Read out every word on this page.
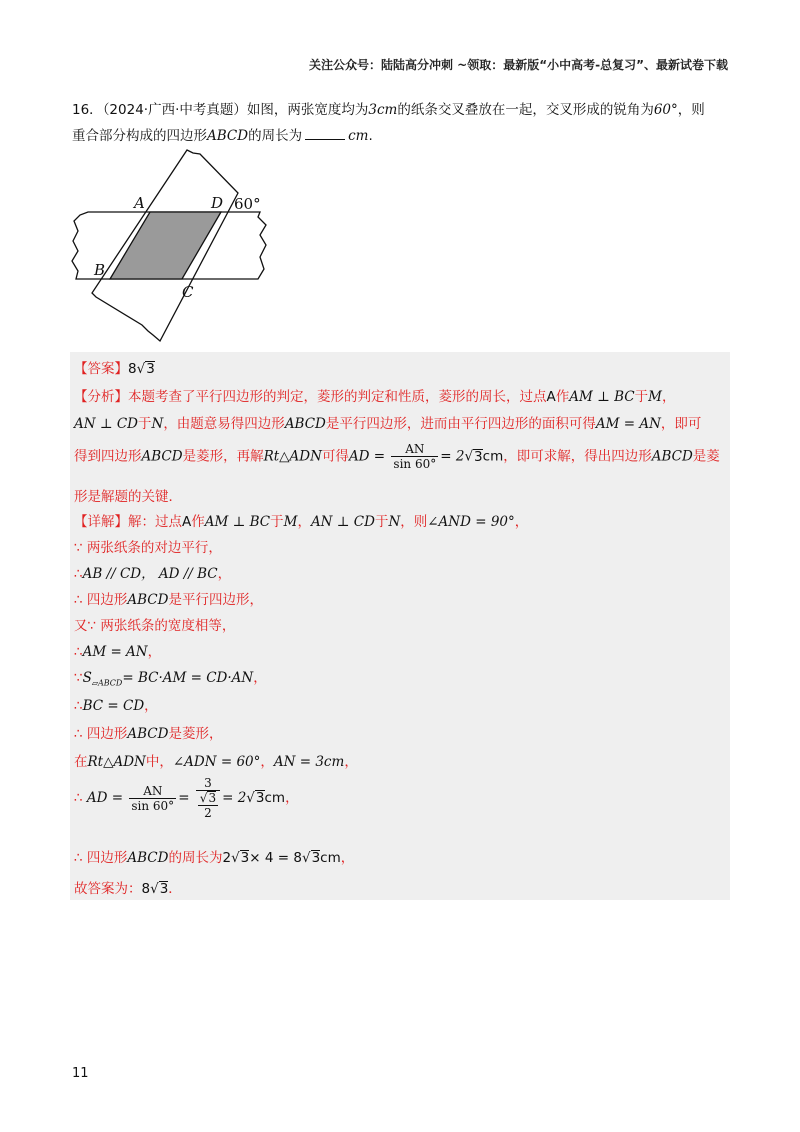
关注公众号：陆陆高分冲刺 ~领取：最新版“小中高考-总复习”、最新试卷下载
16．（2024·广西·中考真题）如图，两张宽度均为3cm的纸条交叉叠放在一起，交叉形成的锐角为60°，则
重合部分构成的四边形ABCD的周长为	cm.
A	D
B
C
60°
【答案】8√3
【分析】本题考查了平行四边形的判定，菱形的判定和性质，菱形的周长，过点A作AM ⊥ BC于M，
AN ⊥ CD于N，由题意易得四边形ABCD是平行四边形，进而由平行四边形的面积可得AM = AN，即可
得到四边形ABCD是菱形，再解Rt△ADN可得AD = $\frac{AN}{\sin 60^\circ} = 2√3cm$，即可求解，得出四边形ABCD是菱
形是解题的关键．
【详解】解：过点A作AM ⊥ BC于M，AN ⊥ CD于N，则∠AND = 90°，
∵ 两张纸条的对边平行，
∴AB // CD， AD // BC，
∴ 四边形ABCD是平行四边形，
又∵ 两张纸条的宽度相等，
∴AM = AN，
$\because S_{▱ABCD}= BC\cdot AM = CD\cdot AN$，
∴BC = CD，
∴ 四边形ABCD是菱形，
在Rt△ADN中，∠ADN = 60°，AN = 3cm，
∴ AD = $\frac{AN}{\sin 60^\circ} = \frac{3}{\frac{√3}{2}} = 2√3cm$，
∴ 四边形ABCD的周长为2√3× 4 = 8√3cm，
故答案为：8√3．
11
